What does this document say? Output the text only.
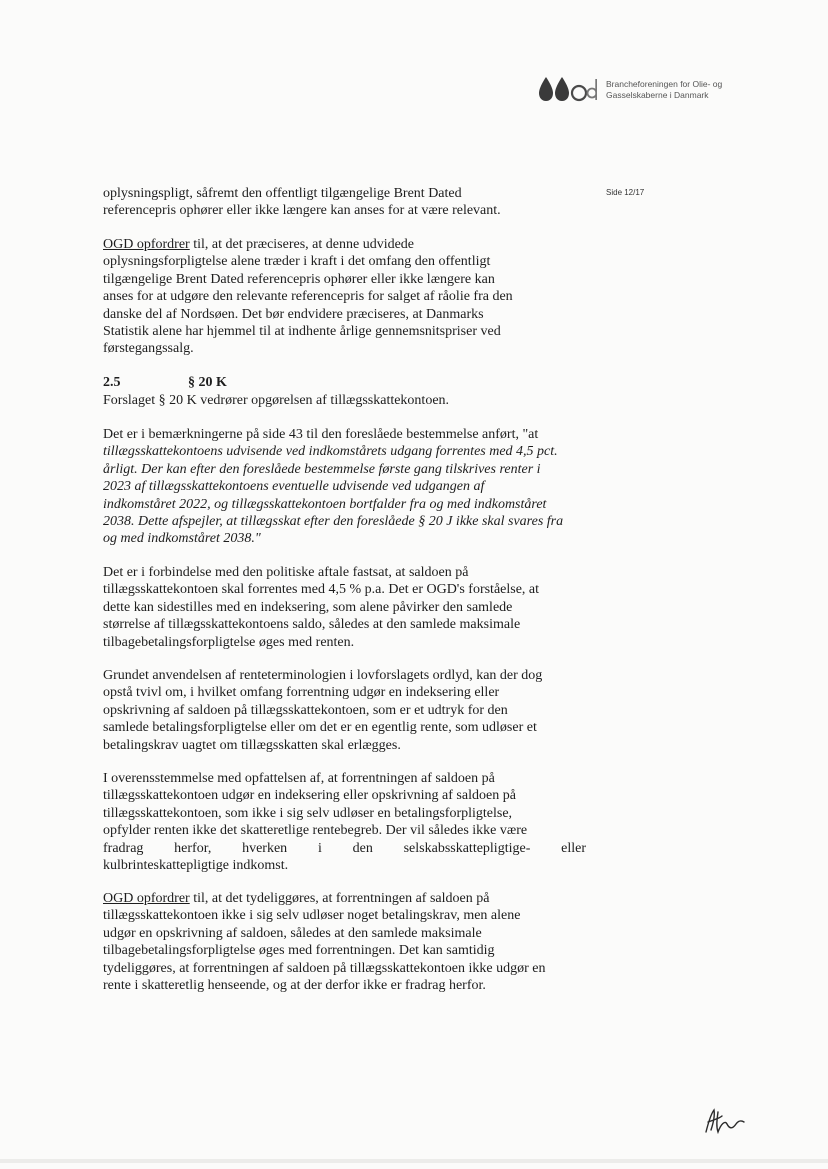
Brancheforeningen for Olie- og
Gasselskaberne i Danmark
Side 12/17

oplysningspligt, såfremt den offentligt tilgængelige Brent Dated
referencepris ophører eller ikke længere kan anses for at være relevant.

OGD opfordrer til, at det præciseres, at denne udvidede
oplysningsforpligtelse alene træder i kraft i det omfang den offentligt
tilgængelige Brent Dated referencepris ophører eller ikke længere kan
anses for at udgøre den relevante referencepris for salget af råolie fra den
danske del af Nordsøen. Det bør endvidere præciseres, at Danmarks
Statistik alene har hjemmel til at indhente årlige gennemsnitspriser ved
førstegangssalg.

2.5	§ 20 K

Forslaget § 20 K vedrører opgørelsen af tillægsskattekontoen.

Det er i bemærkningerne på side 43 til den foreslåede bestemmelse anført, "at
tillægsskattekontoens udvisende ved indkomstårets udgang forrentes med 4,5 pct.
årligt. Der kan efter den foreslåede bestemmelse første gang tilskrives renter i
2023 af tillægsskattekontoens eventuelle udvisende ved udgangen af
indkomståret 2022, og tillægsskattekontoen bortfalder fra og med indkomståret
2038. Dette afspejler, at tillægsskat efter den foreslåede § 20 J ikke skal svares fra
og med indkomståret 2038."

Det er i forbindelse med den politiske aftale fastsat, at saldoen på
tillægsskattekontoen skal forrentes med 4,5 % p.a. Det er OGD's forståelse, at
dette kan sidestilles med en indeksering, som alene påvirker den samlede
størrelse af tillægsskattekontoens saldo, således at den samlede maksimale
tilbagebetalingsforpligtelse øges med renten.

Grundet anvendelsen af renteterminologien i lovforslagets ordlyd, kan der dog
opstå tvivl om, i hvilket omfang forrentning udgør en indeksering eller
opskrivning af saldoen på tillægsskattekontoen, som er et udtryk for den
samlede betalingsforpligtelse eller om det er en egentlig rente, som udløser et
betalingskrav uagtet om tillægsskatten skal erlægges.

I overensstemmelse med opfattelsen af, at forrentningen af saldoen på
tillægsskattekontoen udgør en indeksering eller opskrivning af saldoen på
tillægsskattekontoen, som ikke i sig selv udløser en betalingsforpligtelse,
opfylder renten ikke det skatteretlige rentebegreb. Der vil således ikke være
fradrag herfor, hverken i den selskabsskattepligtige- eller
kulbrinteskattepligtige indkomst.

OGD opfordrer til, at det tydeliggøres, at forrentningen af saldoen på
tillægsskattekontoen ikke i sig selv udløser noget betalingskrav, men alene
udgør en opskrivning af saldoen, således at den samlede maksimale
tilbagebetalingsforpligtelse øges med forrentningen. Det kan samtidig
tydeliggøres, at forrentningen af saldoen på tillægsskattekontoen ikke udgør en
rente i skatteretlig henseende, og at der derfor ikke er fradrag herfor.
